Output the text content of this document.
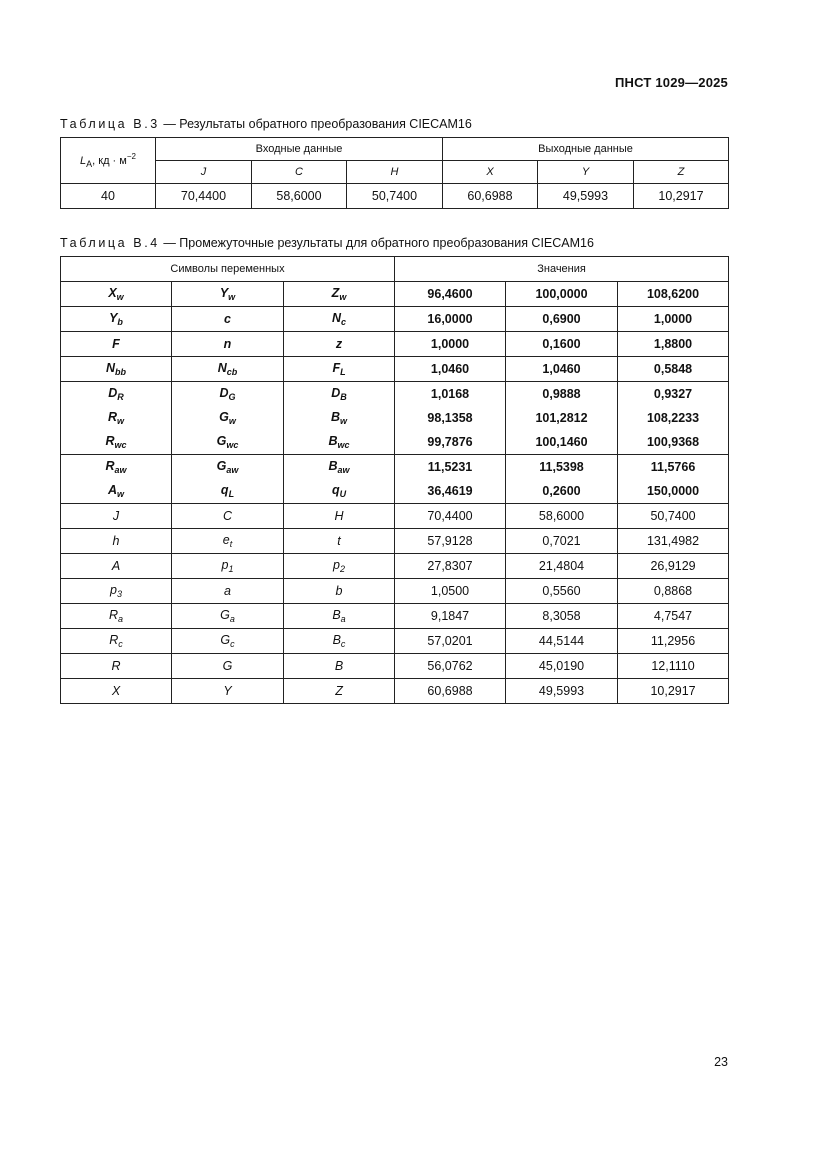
ПНСТ 1029—2025
Таблица В.3 — Результаты обратного преобразования CIECAM16
$L_A$, кд · $м^{-2}$	Входные данные			Выходные данные		
	J	C	H	X	Y	Z
40	70,4400	58,6000	50,7400	60,6988	49,5993	10,2917
Таблица В.4 — Промежуточные результаты для обратного преобразования CIECAM16
Символы переменных			Значения		
$X_w$	$Y_w$	$Z_w$	96,4600	100,0000	108,6200
$Y_b$	c	$N_c$	16,0000	0,6900	1,0000
F	n	z	1,0000	0,1600	1,8800
$N_{bb}$	$N_{cb}$	$F_L$	1,0460	1,0460	0,5848
$D_R$	$D_G$	$D_B$	1,0168	0,9888	0,9327
$R_w$	$G_w$	$B_w$	98,1358	101,2812	108,2233
$R_{wc}$	$G_{wc}$	$B_{wc}$	99,7876	100,1460	100,9368
$R_{aw}$	$G_{aw}$	$B_{aw}$	11,5231	11,5398	11,5766
$A_w$	$q_L$	$q_U$	36,4619	0,2600	150,0000
J	C	H	70,4400	58,6000	50,7400
h	$e_t$	t	57,9128	0,7021	131,4982
A	$p_1$	$p_2$	27,8307	21,4804	26,9129
$p_3$	a	b	1,0500	0,5560	0,8868
$R_a$	$G_a$	$B_a$	9,1847	8,3058	4,7547
$R_c$	$G_c$	$B_c$	57,0201	44,5144	11,2956
R	G	B	56,0762	45,0190	12,1110
X	Y	Z	60,6988	49,5993	10,2917
23
